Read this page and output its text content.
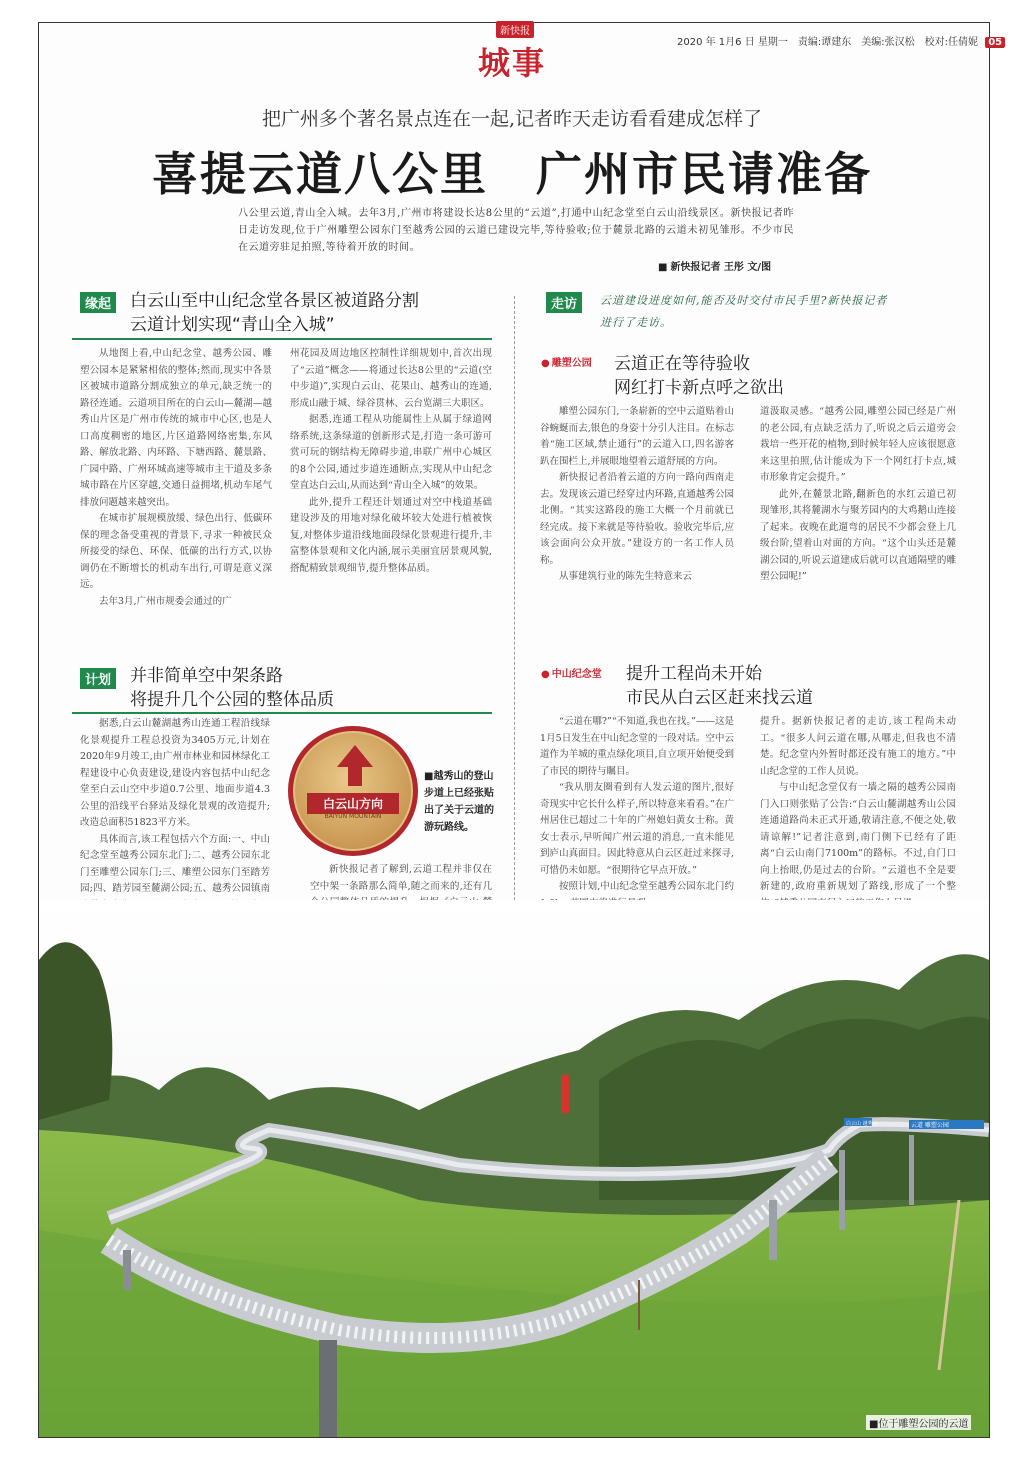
新快报
城事
2020 年 1月6 日 星期一　责编:谭建东　美编:张汉松　校对:任倩妮 05
把广州多个著名景点连在一起,记者昨天走访看看建成怎样了
喜提云道八公里　广州市民请准备
八公里云道,青山全入城。去年3月,广州市将建设长达8公里的“云道”,打通中山纪念堂至白云山沿线景区。新快报记者昨日走访发现,位于广州雕塑公园东门至越秀公园的云道已建设完毕,等待验收;位于麓景北路的云道未初见雏形。不少市民在云道旁驻足拍照,等待着开放的时间。
■ 新快报记者 王彤 文/图
缘起 白云山至中山纪念堂各景区被道路分割
云道计划实现“青山全入城”

从地图上看,中山纪念堂、越秀公园、雕塑公园本是紧紧相依的整体;然而,现实中各景区被城市道路分割成独立的单元,缺乏统一的路径连通。云道项目所在的白云山—麓湖—越秀山片区是广州市传统的城市中心区,也是人口高度稠密的地区,片区道路网络密集,东风路、解放北路、内环路、下塘西路、麓景路、广园中路、广州环城高速等城市主干道及多条城市路在片区穿越,交通日益拥堵,机动车尾气排放问题越来越突出。

在城市扩展规模放缓、绿色出行、低碳环保的理念备受重视的背景下,寻求一种被民众所接受的绿色、环保、低碳的出行方式,以协调仍在不断增长的机动车出行,可谓是意义深远。

去年3月,广州市规委会通过的广

州花园及周边地区控制性详细规划中,首次出现了“云道”概念——将通过长达8公里的“云道(空中步道)”,实现白云山、花果山、越秀山的连通,形成山融于城、绿谷贯林、云台览湖三大职区。

据悉,连通工程从功能属性上从属于绿道网络系统,这条绿道的创新形式是,打造一条可游可赏可玩的钢结构无障碍步道,串联广州中心城区的8个公园,通过步道连通断点,实现从中山纪念堂直达白云山,从而达到“青山全入城”的效果。

此外,提升工程还计划通过对空中栈道基础建设涉及的用地对绿化破坏较大处进行植被恢复,对整体步道沿线地面段绿化景观进行提升,丰富整体景观和文化内涵,展示美丽宜居景观风貌,搭配精致景观细节,提升整体品质。

计划 并非简单空中架条路
将提升几个公园的整体品质

据悉,白云山麓湖越秀山连通工程沿线绿化景观提升工程总投资为3405万元,计划在2020年9月竣工,由广州市林业和园林绿化工程建设中心负责建设,建设内容包括中山纪念堂至白云山空中步道0.7公里、地面步道4.3公里的沿线平台驿站及绿化景观的改造提升;改造总面积51823平方米。

具体而言,该工程包括六个方面:一、中山纪念堂至越秀公园东北门;二、越秀公园东北门至雕塑公园东门;三、雕塑公园东门至踏芳园;四、踏芳园至麓湖公园;五、越秀公园镇南

白云山方向
BAIYUN MOUNTAIN
■ 越秀山的登山步道上已经张贴出了关于云道的游玩路线。

新快报记者了解到,云道工程并非仅在空中架一条路那么简单,随之而来的,还有几

走访	云道建设进度如何,能否及时交付市民手里?新快报记者进行了走访。
● 雕塑公园 云道正在等待验收
网红打卡新点呼之欲出

雕塑公园东门,一条崭新的空中云道贴着山谷蜿蜒而去,银色的身姿十分引人注目。在标志着“施工区域,禁止通行”的云道入口,四名游客趴在围栏上,并展眼地望着云道舒展的方向。

新快报记者沿着云道的方向一路向西南走去。发现该云道已经穿过内环路,直通越秀公园北侧。“其实这路段的施工大概一个月前就已经完成。接下来就是等待验收。验收完毕后,应该会面向公众开放。”建设方的一名工作人员称。

从事建筑行业的陈先生特意来云

道汲取灵感。“越秀公园,雕塑公园已经是广州的老公园,有点缺乏活力了,听说之后云道旁会栽培一些开花的植物,到时候年轻人应该很愿意来这里拍照,估计能成为下一个网红打卡点,城市形象肯定会提升。”

此外,在麓景北路,翻新色的水红云道已初现雏形,其将麓湖水与聚芳园内的大鸡鹅山连接了起来。夜晚在此遛弯的居民不少都会登上几级台阶,望着山对面的方向。“这个山头还是麓湖公园的,听说云道建成后就可以直通隔壁的雕塑公园呢!”

● 中山纪念堂 提升工程尚未开始
市民从白云区赶来找云道

“云道在哪?”“不知道,我也在找。”——这是1月5日发生在中山纪念堂的一段对话。空中云道作为羊城的重点绿化项目,自立项开始便受到了市民的期待与瞩目。

“我从朋友圈看到有人发云道的图片,很好奇现实中它长什么样子,所以特意来看看。”在广州居住已超过二十年的广州媳妇黄女士称。黄女士表示,早听闻广州云道的消息,一直未能见到庐山真面目。因此特意从白云区赶过来探寻,可惜仍未如愿。“很期待它早点开放。”

按照计划,中山纪念堂至越秀公园东北门约

提升。据新快报记者的走访,该工程尚未动工。“很多人问云道在哪,从哪走,但我也不清楚。纪念堂内外暂时都还没有施工的地方。”中山纪念堂的工作人员说。

与中山纪念堂仅有一墙之隔的越秀公园南门入口则张贴了公告:“白云山麓湖越秀山公园连通道路尚未正式开通,敬请注意,不便之处,敬请谅解!”记者注意到,南门侧下已经有了距离“白云山南门7100m”的路标。不过,自门口向上抬眼,仍是过去的台阶。“云道也不全是要新建的,政府重新规划了路线,形成了一个整

云道 雕塑公园
白云山 越秀山
■ 位于雕塑公园的云道
